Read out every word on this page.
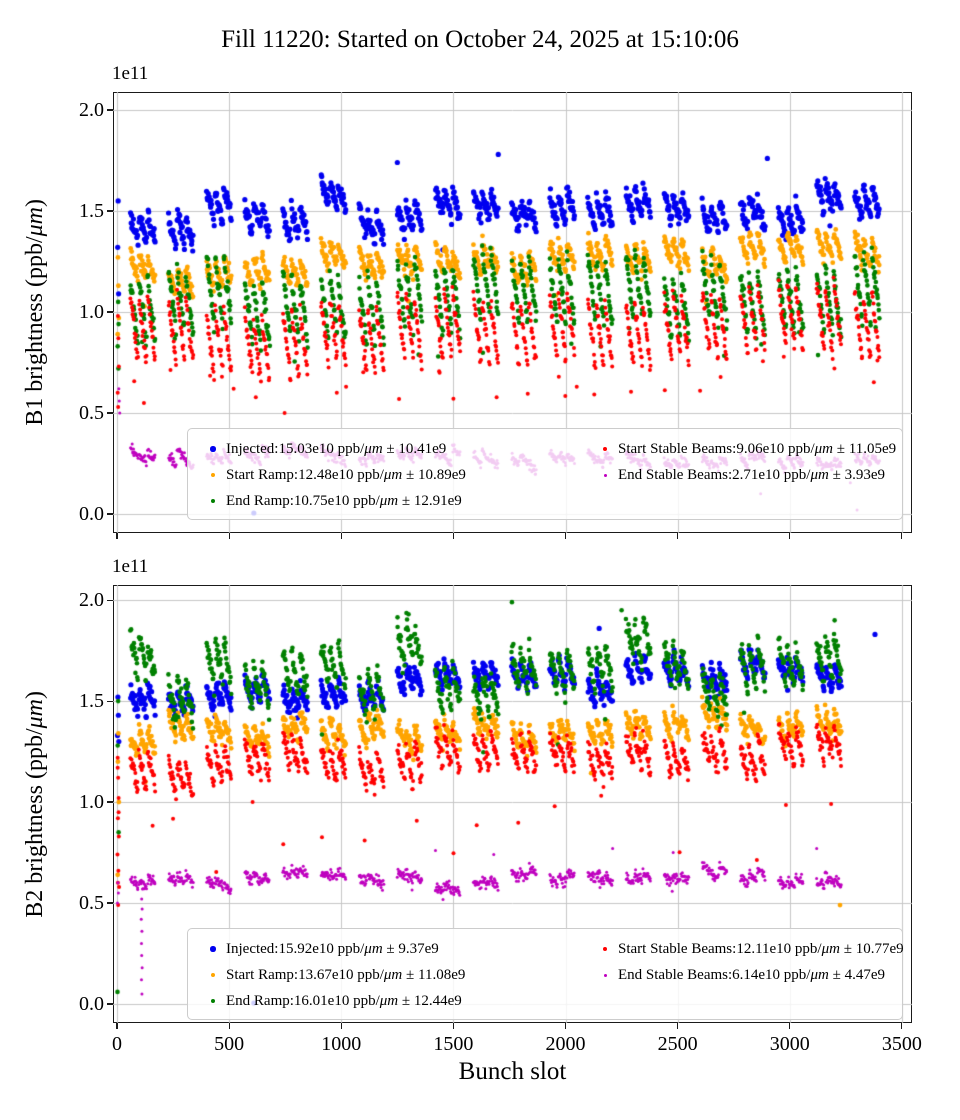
Fill 11220: Started on October 24, 2025 at 15:10:06
1e11
B1 brightness (ppb/μm)
0.0
0.5
1.0
1.5
2.0
Injected:15.03e10 ppb/μm ± 10.41e9
Start Ramp:12.48e10 ppb/μm ± 10.89e9
End Ramp:10.75e10 ppb/μm ± 12.91e9
Start Stable Beams:9.06e10 ppb/μm ± 11.05e9
End Stable Beams:2.71e10 ppb/μm ± 3.93e9
1e11
B2 brightness (ppb/μm)
0.0
0.5
1.0
1.5
2.0
0	500	1000	1500	2000	2500	3000	3500
Injected:15.92e10 ppb/μm ± 9.37e9
Start Ramp:13.67e10 ppb/μm ± 11.08e9
End Ramp:16.01e10 ppb/μm ± 12.44e9
Start Stable Beams:12.11e10 ppb/μm ± 10.77e9
End Stable Beams:6.14e10 ppb/μm ± 4.47e9
Bunch slot
